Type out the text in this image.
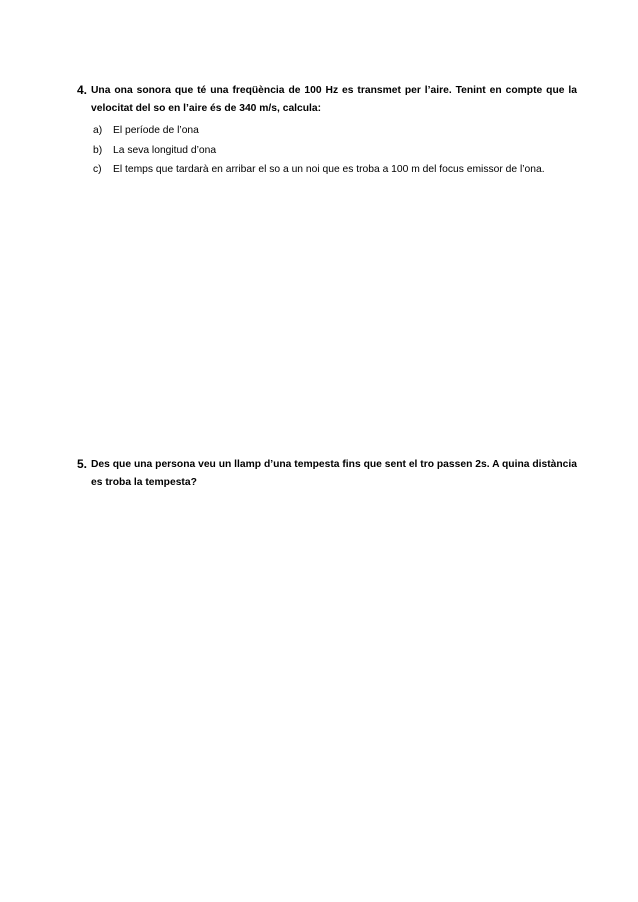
4. Una ona sonora que té una freqüència de 100 Hz es transmet per l’aire. Tenint en compte que la velocitat del so en l’aire és de 340 m/s, calcula:
a) El període de l’ona
b) La seva longitud d’ona
c) El temps que tardarà en arribar el so a un noi que es troba a 100 m del focus emissor de l’ona.
5. Des que una persona veu un llamp d’una tempesta fins que sent el tro passen 2s. A quina distància es troba la tempesta?
